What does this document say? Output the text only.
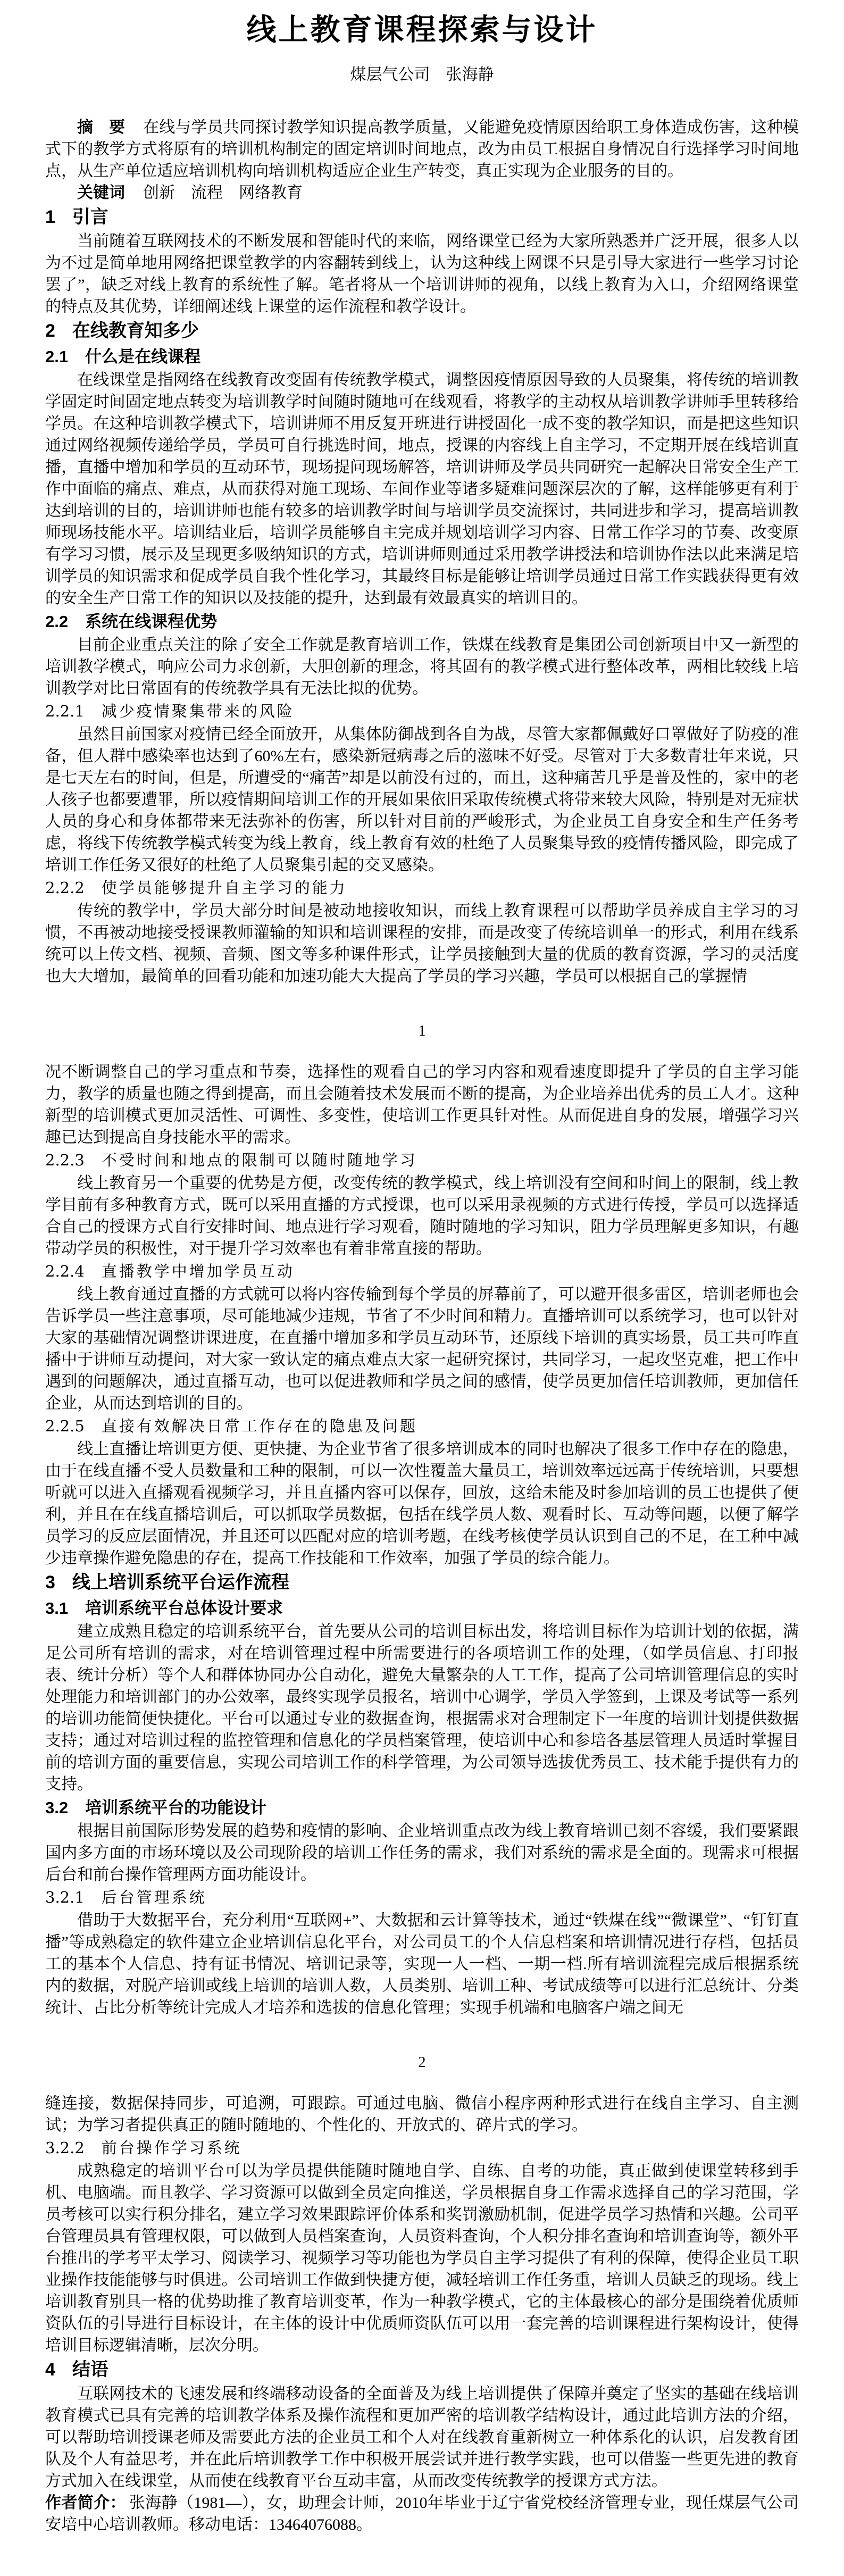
线上教育课程探索与设计
煤层气公司　张海静

摘　要 在线与学员共同探讨教学知识提高教学质量，又能避免疫情原因给职工身体造成伤害，这种模式下的教学方式将原有的培训机构制定的固定培训时间地点，改为由员工根据自身情况自行选择学习时间地点，从生产单位适应培训机构向培训机构适应企业生产转变，真正实现为企业服务的目的。

关键词 创新　流程　网络教育

1 引言

当前随着互联网技术的不断发展和智能时代的来临，网络课堂已经为大家所熟悉并广泛开展，很多人以为不过是简单地用网络把课堂教学的内容翻转到线上，认为这种线上网课不只是引导大家进行一些学习讨论罢了”，缺乏对线上教育的系统性了解。笔者将从一个培训讲师的视角，以线上教育为入口，介绍网络课堂的特点及其优势，详细阐述线上课堂的运作流程和教学设计。

2 在线教育知多少
2.1 什么是在线课程

在线课堂是指网络在线教育改变固有传统教学模式，调整因疫情原因导致的人员聚集，将传统的培训教学固定时间固定地点转变为培训教学时间随时随地可在线观看，将教学的主动权从培训教学讲师手里转移给学员。在这种培训教学模式下，培训讲师不用反复开班进行讲授固化一成不变的教学知识，而是把这些知识通过网络视频传递给学员，学员可自行挑选时间，地点，授课的内容线上自主学习，不定期开展在线培训直播，直播中增加和学员的互动环节，现场提问现场解答，培训讲师及学员共同研究一起解决日常安全生产工作中面临的痛点、难点，从而获得对施工现场、车间作业等诸多疑难问题深层次的了解，这样能够更有利于达到培训的目的，培训讲师也能有较多的培训教学时间与培训学员交流探讨，共同进步和学习，提高培训教师现场技能水平。培训结业后，培训学员能够自主完成并规划培训学习内容、日常工作学习的节奏、改变原有学习习惯，展示及呈现更多吸纳知识的方式，培训讲师则通过采用教学讲授法和培训协作法以此来满足培训学员的知识需求和促成学员自我个性化学习，其最终目标是能够让培训学员通过日常工作实践获得更有效的安全生产日常工作的知识以及技能的提升，达到最有效最真实的培训目的。

2.2 系统在线课程优势

目前企业重点关注的除了安全工作就是教育培训工作，铁煤在线教育是集团公司创新项目中又一新型的培训教学模式，响应公司力求创新，大胆创新的理念，将其固有的教学模式进行整体改革，两相比较线上培训教学对比日常固有的传统教学具有无法比拟的优势。

2.2.1 减少疫情聚集带来的风险

虽然目前国家对疫情已经全面放开，从集体防御战到各自为战，尽管大家都佩戴好口罩做好了防疫的准备，但人群中感染率也达到了60%左右，感染新冠病毒之后的滋味不好受。尽管对于大多数青壮年来说，只是七天左右的时间，但是，所遭受的“痛苦”却是以前没有过的，而且，这种痛苦几乎是普及性的，家中的老人孩子也都要遭罪，所以疫情期间培训工作的开展如果依旧采取传统模式将带来较大风险，特别是对无症状人员的身心和身体都带来无法弥补的伤害，所以针对目前的严峻形式，为企业员工自身安全和生产任务考虑，将线下传统教学模式转变为线上教育，线上教育有效的杜绝了人员聚集导致的疫情传播风险，即完成了培训工作任务又很好的杜绝了人员聚集引起的交叉感染。

2.2.2 使学员能够提升自主学习的能力

传统的教学中，学员大部分时间是被动地接收知识，而线上教育课程可以帮助学员养成自主学习的习惯，不再被动地接受授课教师灌输的知识和培训课程的安排，而是改变了传统培训单一的形式，利用在线系统可以上传文档、视频、音频、图文等多种课件形式，让学员接触到大量的优质的教育资源，学习的灵活度也大大增加，最简单的回看功能和加速功能大大提高了学员的学习兴趣，学员可以根据自己的掌握情

1

况不断调整自己的学习重点和节奏，选择性的观看自己的学习内容和观看速度即提升了学员的自主学习能力，教学的质量也随之得到提高，而且会随着技术发展而不断的提高，为企业培养出优秀的员工人才。这种新型的培训模式更加灵活性、可调性、多变性，使培训工作更具针对性。从而促进自身的发展，增强学习兴趣已达到提高自身技能水平的需求。

2.2.3 不受时间和地点的限制可以随时随地学习

线上教育另一个重要的优势是方便，改变传统的教学模式，线上培训没有空间和时间上的限制，线上教学目前有多种教育方式，既可以采用直播的方式授课，也可以采用录视频的方式进行传授，学员可以选择适合自己的授课方式自行安排时间、地点进行学习观看，随时随地的学习知识，阻力学员理解更多知识，有趣带动学员的积极性，对于提升学习效率也有着非常直接的帮助。

2.2.4 直播教学中增加学员互动

线上教育通过直播的方式就可以将内容传输到每个学员的屏幕前了，可以避开很多雷区，培训老师也会告诉学员一些注意事项，尽可能地减少违规，节省了不少时间和精力。直播培训可以系统学习，也可以针对大家的基础情况调整讲课进度，在直播中增加多和学员互动环节，还原线下培训的真实场景，员工共可咋直播中于讲师互动提问，对大家一致认定的痛点难点大家一起研究探讨，共同学习，一起攻坚克难，把工作中遇到的问题解决，通过直播互动，也可以促进教师和学员之间的感情，使学员更加信任培训教师，更加信任企业，从而达到培训的目的。

2.2.5 直接有效解决日常工作存在的隐患及问题

线上直播让培训更方便、更快捷、为企业节省了很多培训成本的同时也解决了很多工作中存在的隐患，由于在线直播不受人员数量和工种的限制，可以一次性覆盖大量员工，培训效率远远高于传统培训，只要想听就可以进入直播观看视频学习，并且直播内容可以保存，回放，这给未能及时参加培训的员工也提供了便利，并且在在线直播培训后，可以抓取学员数据，包括在线学员人数、观看时长、互动等问题，以便了解学员学习的反应层面情况，并且还可以匹配对应的培训考题，在线考核使学员认识到自己的不足，在工种中减少违章操作避免隐患的存在，提高工作技能和工作效率，加强了学员的综合能力。

3 线上培训系统平台运作流程
3.1 培训系统平台总体设计要求

建立成熟且稳定的培训系统平台，首先要从公司的培训目标出发，将培训目标作为培训计划的依据，满足公司所有培训的需求，对在培训管理过程中所需要进行的各项培训工作的处理，（如学员信息、打印报表、统计分析）等个人和群体协同办公自动化，避免大量繁杂的人工工作，提高了公司培训管理信息的实时处理能力和培训部门的办公效率，最终实现学员报名，培训中心调学，学员入学签到，上课及考试等一系列的培训功能简便快捷化。平台可以通过专业的数据查询，根据需求对合理制定下一年度的培训计划提供数据支持；通过对培训过程的监控管理和信息化的学员档案管理，使培训中心和参培各基层管理人员适时掌握目前的培训方面的重要信息，实现公司培训工作的科学管理，为公司领导选拔优秀员工、技术能手提供有力的支持。

3.2 培训系统平台的功能设计

根据目前国际形势发展的趋势和疫情的影响、企业培训重点改为线上教育培训已刻不容缓，我们要紧跟国内多方面的市场环境以及公司现阶段的培训工作任务的需求，我们对系统的需求是全面的。现需求可根据后台和前台操作管理两方面功能设计。

3.2.1 后台管理系统

借助于大数据平台，充分利用“互联网+”、大数据和云计算等技术，通过“铁煤在线”“微课堂”、“钉钉直播”等成熟稳定的软件建立企业培训信息化平台，对公司员工的个人信息档案和培训情况进行存档，包括员工的基本个人信息、持有证书情况、培训记录等，实现一人一档、一期一档.所有培训流程完成后根据系统内的数据，对脱产培训或线上培训的培训人数，人员类别、培训工种、考试成绩等可以进行汇总统计、分类统计、占比分析等统计完成人才培养和选拔的信息化管理；实现手机端和电脑客户端之间无

2

缝连接，数据保持同步，可追溯，可跟踪。可通过电脑、微信小程序两种形式进行在线自主学习、自主测试；为学习者提供真正的随时随地的、个性化的、开放式的、碎片式的学习。

3.2.2 前台操作学习系统

成熟稳定的培训平台可以为学员提供能随时随地自学、自练、自考的功能，真正做到使课堂转移到手机、电脑端。而且教学、学习资源可以做到全员定向推送，学员根据自身工作需求选择自己的学习范围，学员考核可以实行积分排名，建立学习效果跟踪评价体系和奖罚激励机制，促进学员学习热情和兴趣。公司平台管理员具有管理权限，可以做到人员档案查询，人员资料查询，个人积分排名查询和培训查询等，额外平台推出的学考平太学习、阅读学习、视频学习等功能也为学员自主学习提供了有利的保障，使得企业员工职业操作技能能够与时俱进。公司培训工作做到快捷方便，减轻培训工作任务重，培训人员缺乏的现场。线上培训教育别具一格的优势助推了教育培训变革，作为一种教学模式，它的主体最核心的部分是围绕着优质师资队伍的引导进行目标设计，在主体的设计中优质师资队伍可以用一套完善的培训课程进行架构设计，使得培训目标逻辑清晰，层次分明。

4 结语

互联网技术的飞速发展和终端移动设备的全面普及为线上培训提供了保障并奠定了坚实的基础在线培训教育模式已具有完善的培训教学体系及操作流程和更加严密的培训教学结构设计，通过此培训方法的介绍，可以帮助培训授课老师及需要此方法的企业员工和个人对在线教育重新树立一种体系化的认识，启发教育团队及个人有益思考，并在此后培训教学工作中积极开展尝试并进行教学实践，也可以借鉴一些更先进的教育方式加入在线课堂，从而使在线教育平台互动丰富，从而改变传统教学的授课方式方法。

作者简介： 张海静（1981—），女，助理会计师，2010年毕业于辽宁省党校经济管理专业，现任煤层气公司安培中心培训教师。移动电话：13464076088。
